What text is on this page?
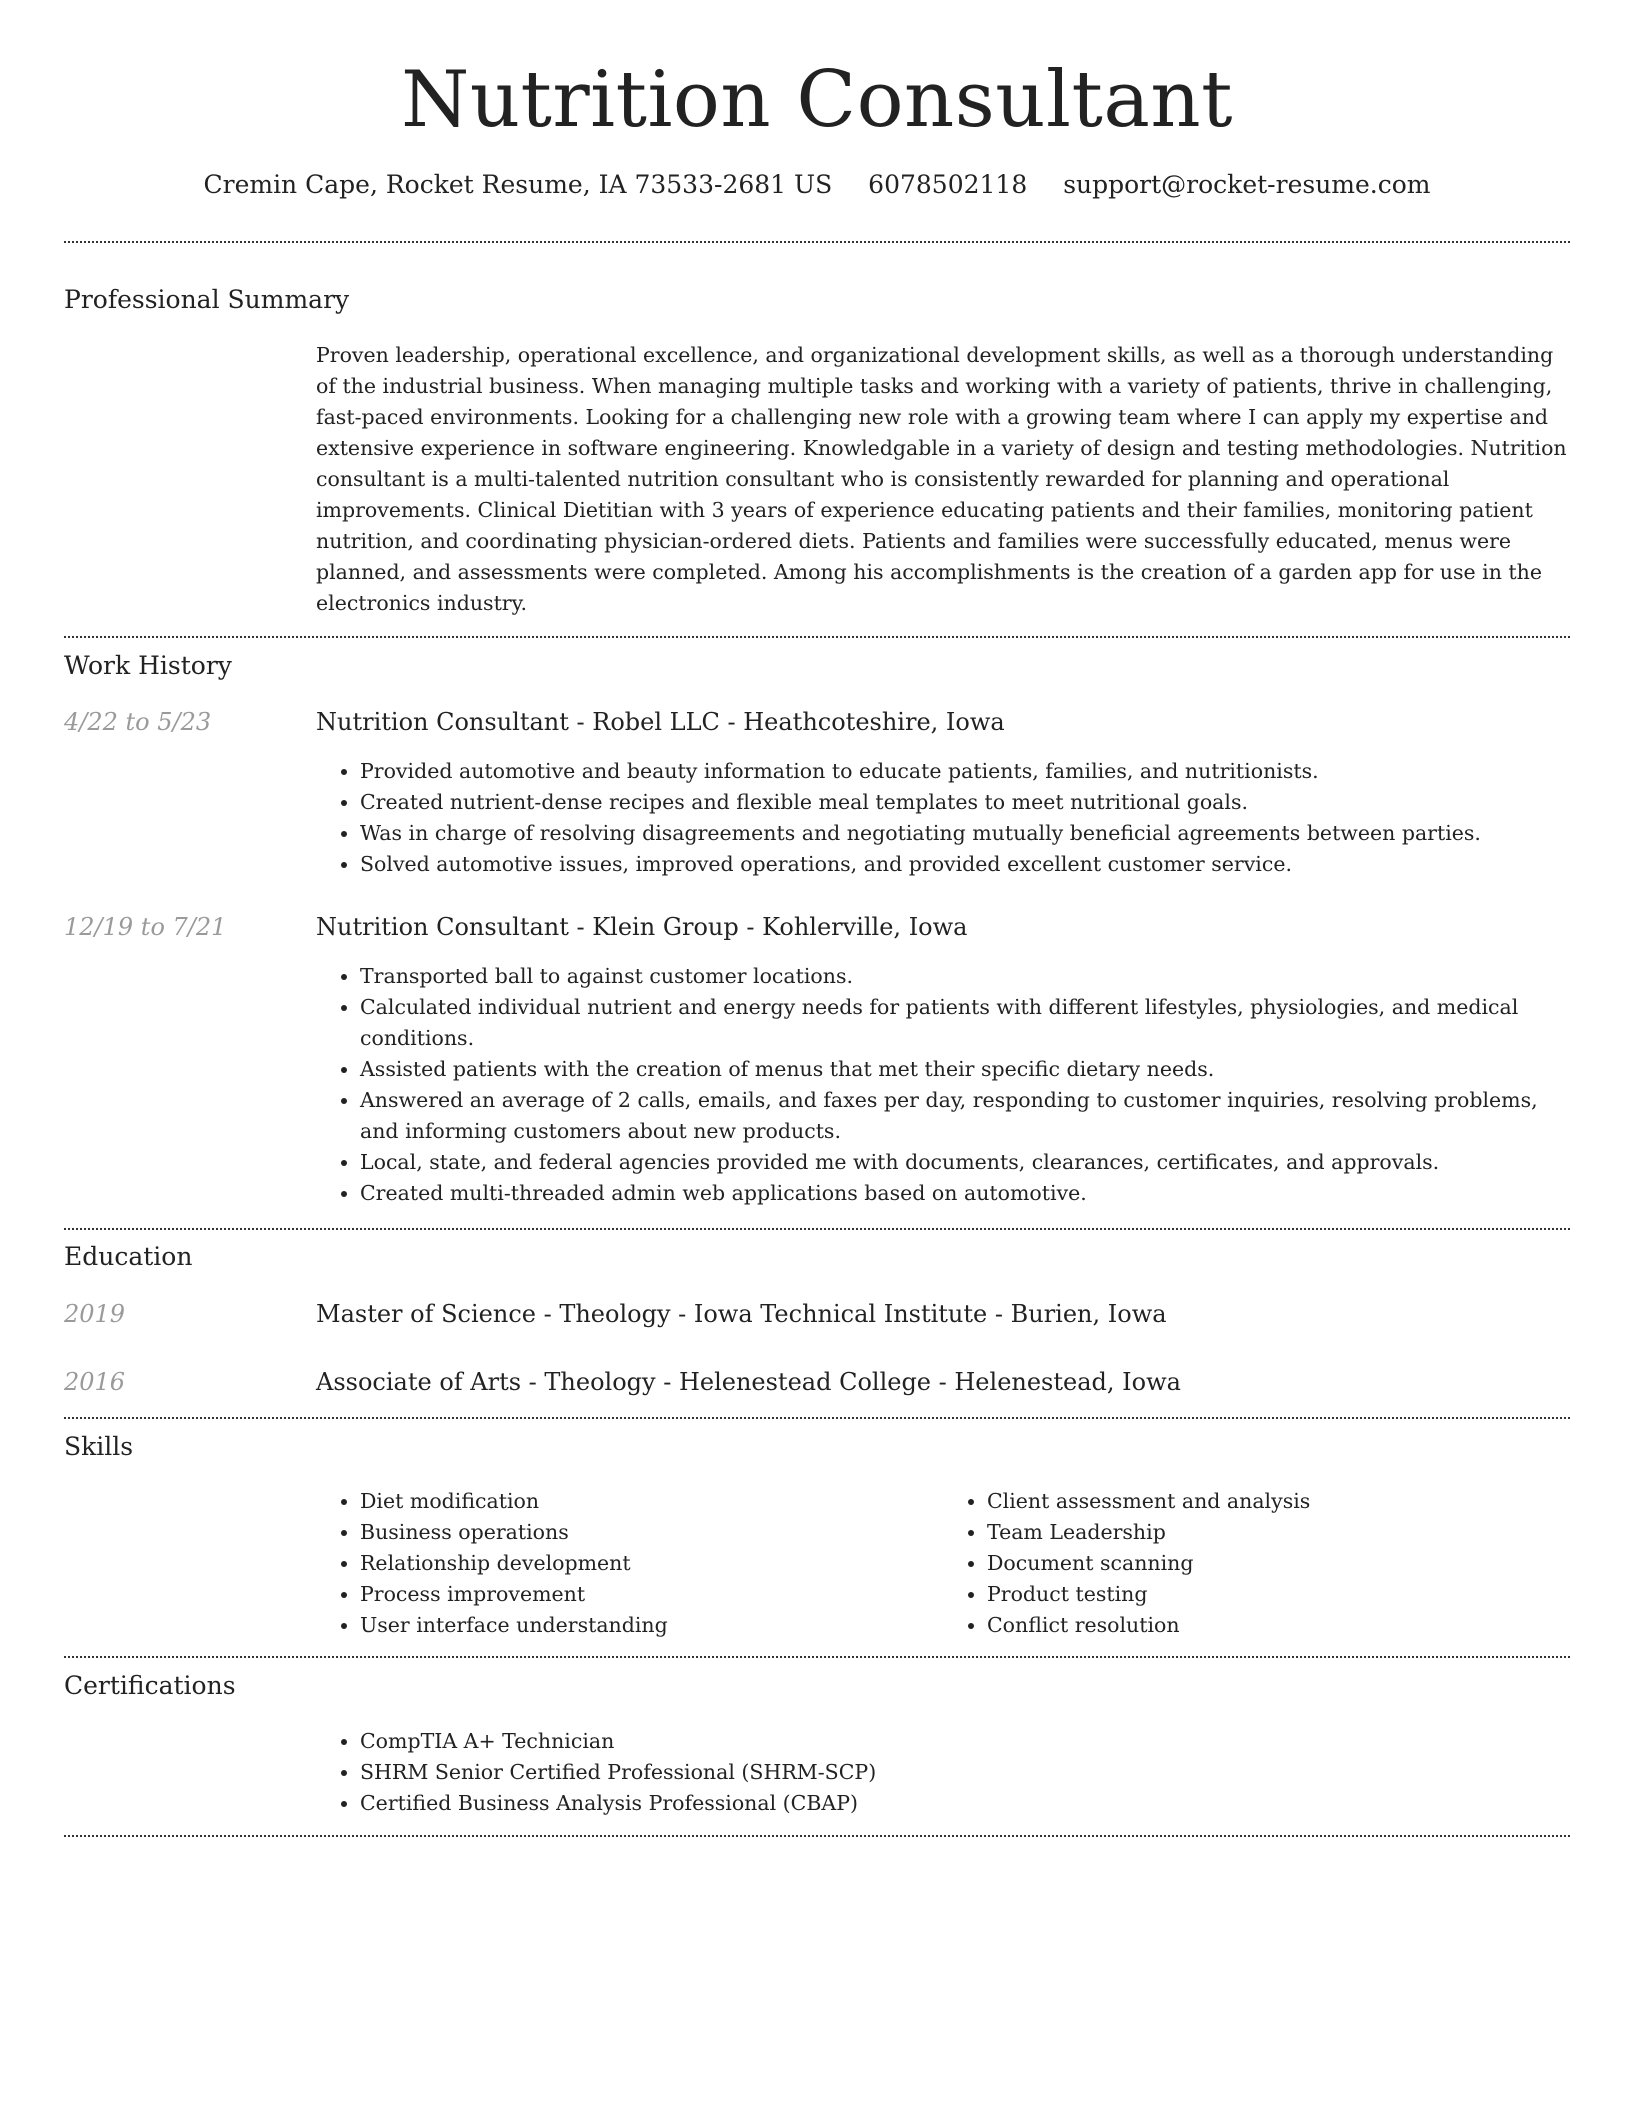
Nutrition Consultant
Cremin Cape, Rocket Resume, IA 73533-2681 US 6078502118 support@rocket-resume.com
Professional Summary

Proven leadership, operational excellence, and organizational development skills, as well as a thorough understanding of the industrial business. When managing multiple tasks and working with a variety of patients, thrive in challenging, fast-paced environments. Looking for a challenging new role with a growing team where I can apply my expertise and extensive experience in software engineering. Knowledgable in a variety of design and testing methodologies. Nutrition consultant is a multi-talented nutrition consultant who is consistently rewarded for planning and operational improvements. Clinical Dietitian with 3 years of experience educating patients and their families, monitoring patient nutrition, and coordinating physician-ordered diets. Patients and families were successfully educated, menus were planned, and assessments were completed. Among his accomplishments is the creation of a garden app for use in the electronics industry.

Work History
4/22 to 5/23	Nutrition Consultant - Robel LLC - Heathcoteshire, Iowa
• Provided automotive and beauty information to educate patients, families, and nutritionists.
• Created nutrient-dense recipes and flexible meal templates to meet nutritional goals.
• Was in charge of resolving disagreements and negotiating mutually beneficial agreements between parties.
• Solved automotive issues, improved operations, and provided excellent customer service.
12/19 to 7/21	Nutrition Consultant - Klein Group - Kohlerville, Iowa
• Transported ball to against customer locations.
• Calculated individual nutrient and energy needs for patients with different lifestyles, physiologies, and medical conditions.
• Assisted patients with the creation of menus that met their specific dietary needs.
• Answered an average of 2 calls, emails, and faxes per day, responding to customer inquiries, resolving problems, and informing customers about new products.
• Local, state, and federal agencies provided me with documents, clearances, certificates, and approvals.
• Created multi-threaded admin web applications based on automotive.
Education
2019	Master of Science - Theology - Iowa Technical Institute - Burien, Iowa
2016	Associate of Arts - Theology - Helenestead College - Helenestead, Iowa
Skills
• Diet modification
• Business operations
• Relationship development
• Process improvement
• User interface understanding
• Client assessment and analysis
• Team Leadership
• Document scanning
• Product testing
• Conflict resolution
Certifications
• CompTIA A+ Technician
• SHRM Senior Certified Professional (SHRM-SCP)
• Certified Business Analysis Professional (CBAP)
